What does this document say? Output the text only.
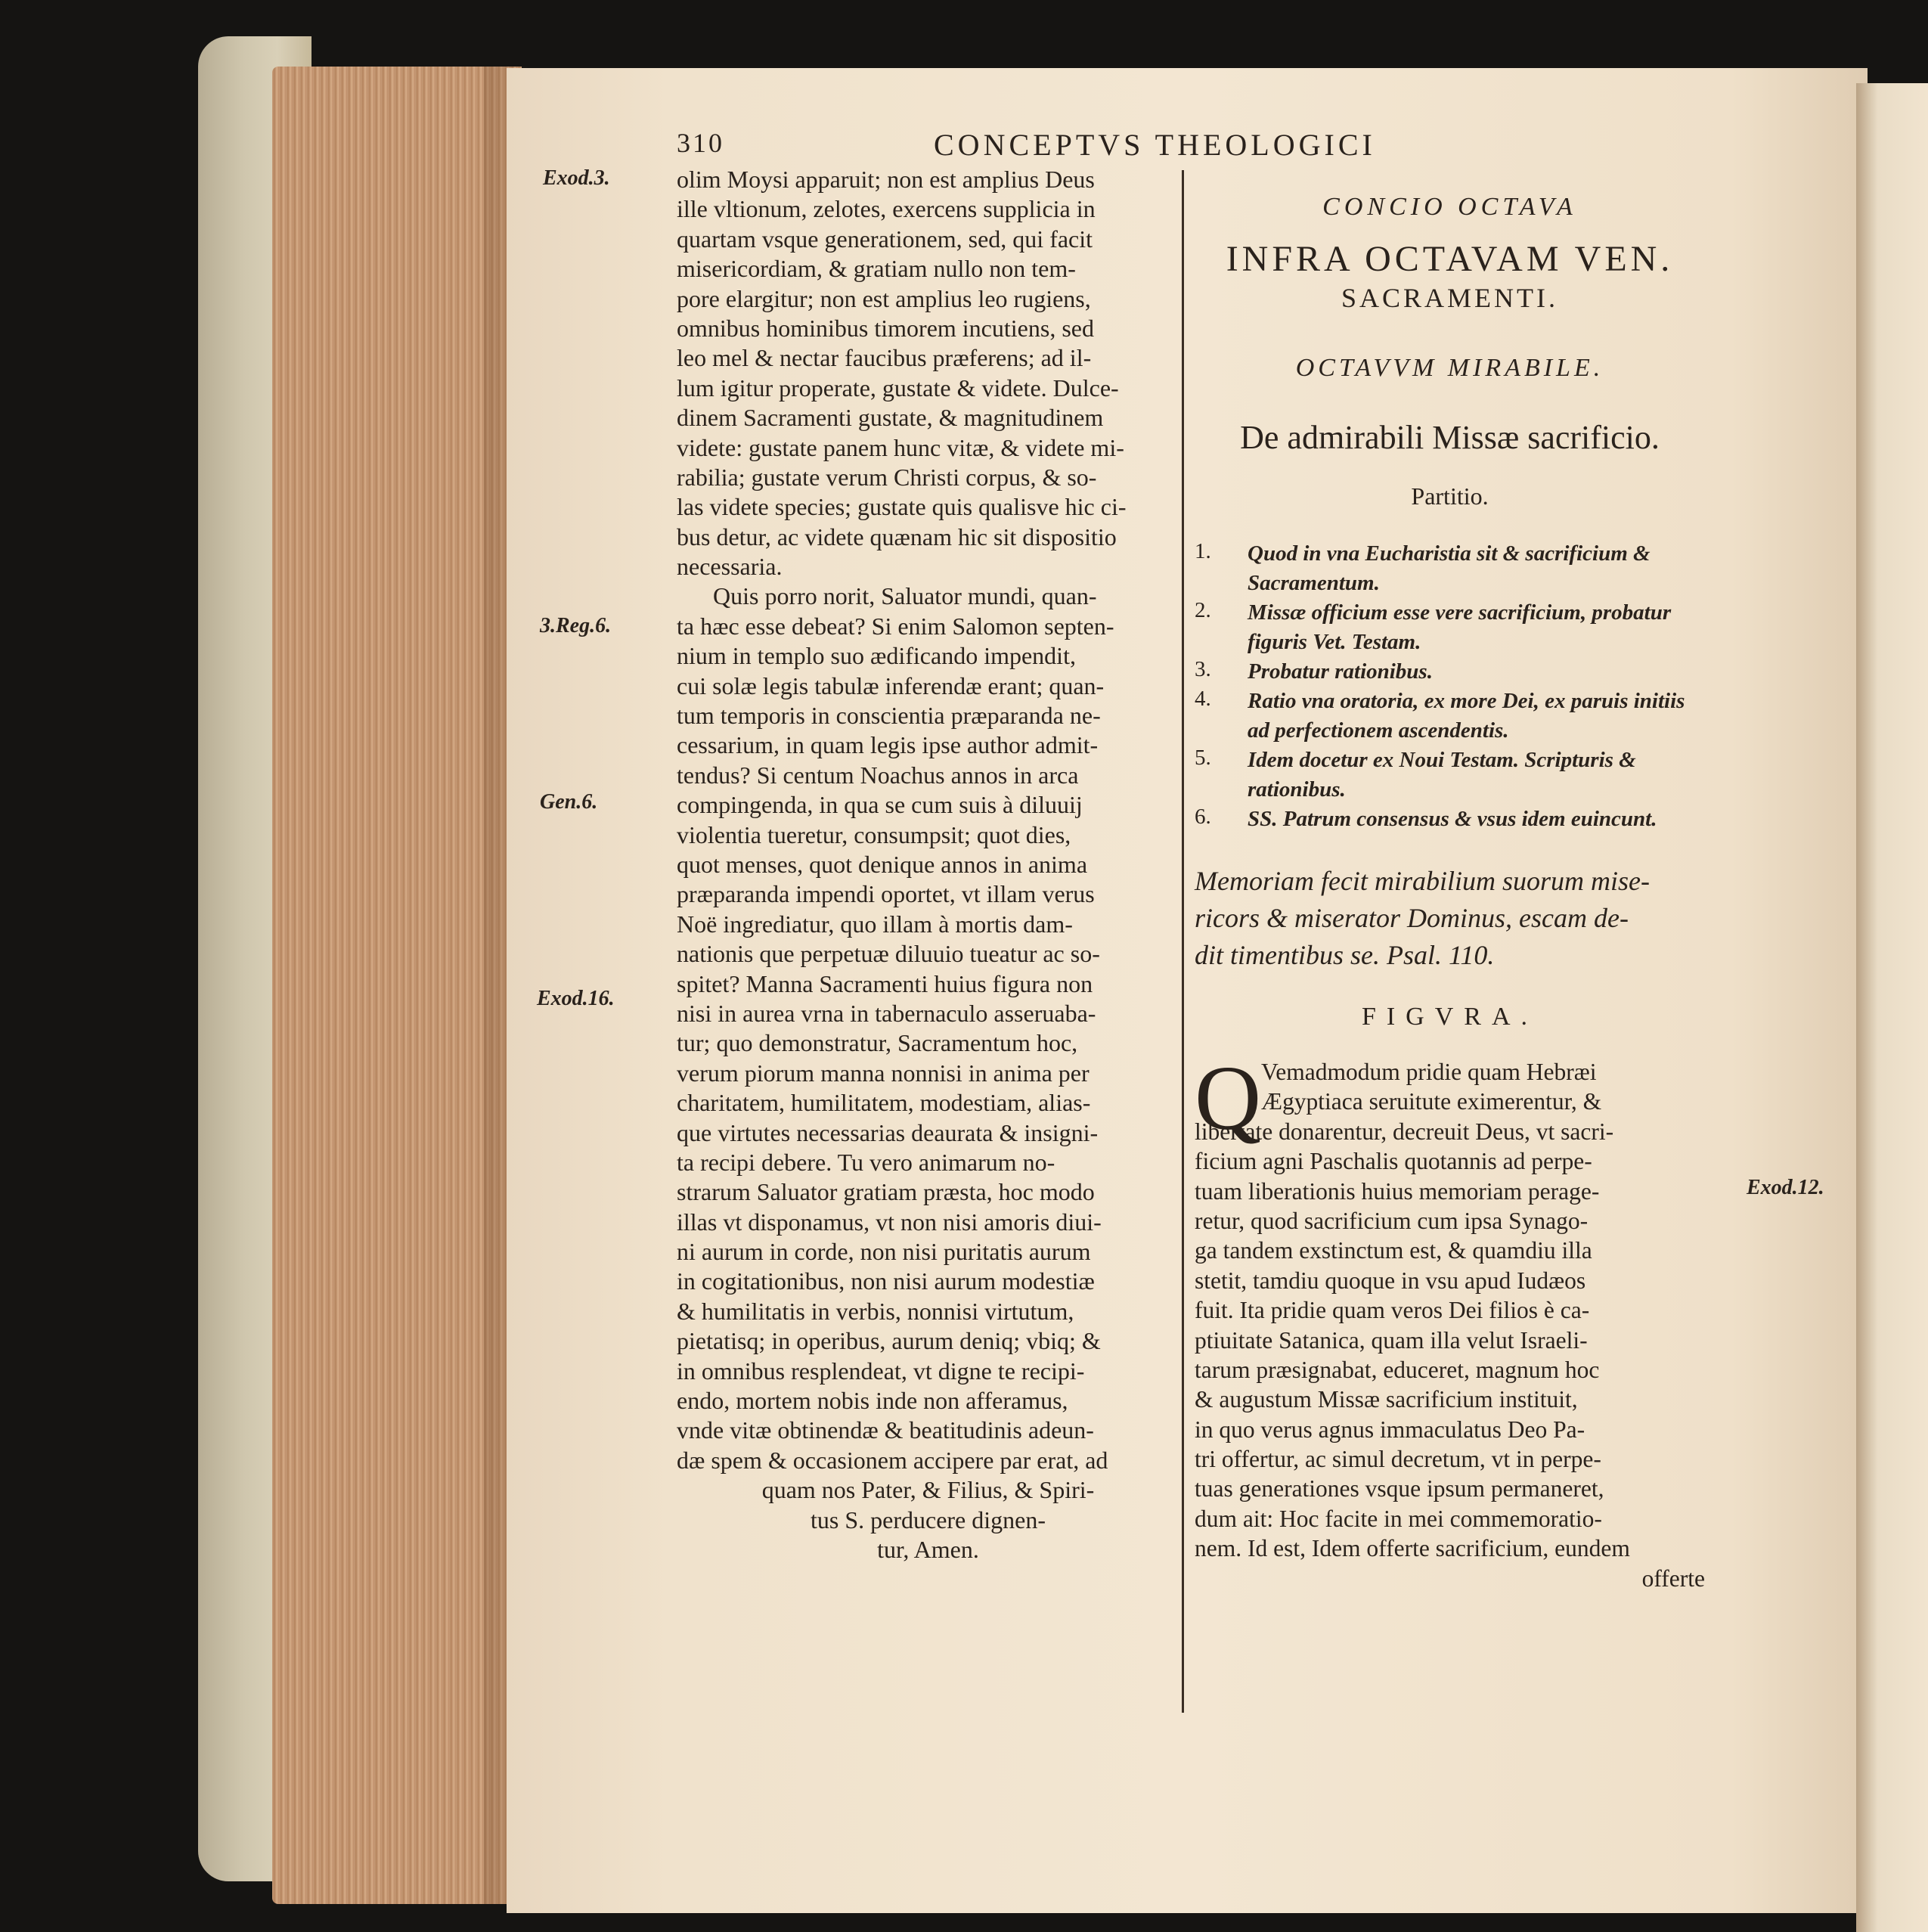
310	CONCEPTVS THEOLOGICI
Exod.3.
3.Reg.6.
Gen.6.
Exod.16.
olim Moysi apparuit; non est amplius Deus
ille vltionum, zelotes, exercens supplicia in
quartam vsque generationem, sed, qui facit
misericordiam, & gratiam nullo non tem-
pore elargitur; non est amplius leo rugiens,
omnibus hominibus timorem incutiens, sed
leo mel & nectar faucibus præferens; ad il-
lum igitur properate, gustate & videte. Dulce-
dinem Sacramenti gustate, & magnitudinem
videte: gustate panem hunc vitæ, & videte mi-
rabilia; gustate verum Christi corpus, & so-
las videte species; gustate quis qualisve hic ci-
bus detur, ac videte quænam hic sit dispositio
necessaria.
Quis porro norit, Saluator mundi, quan-
ta hæc esse debeat? Si enim Salomon septen-
nium in templo suo ædificando impendit,
cui solæ legis tabulæ inferendæ erant; quan-
tum temporis in conscientia præparanda ne-
cessarium, in quam legis ipse author admit-
tendus? Si centum Noachus annos in arca
compingenda, in qua se cum suis à diluuij
violentia tueretur, consumpsit; quot dies,
quot menses, quot denique annos in anima
præparanda impendi oportet, vt illam verus
Noë ingrediatur, quo illam à mortis dam-
nationis que perpetuæ diluuio tueatur ac so-
spitet? Manna Sacramenti huius figura non
nisi in aurea vrna in tabernaculo asseruaba-
tur; quo demonstratur, Sacramentum hoc,
verum piorum manna nonnisi in anima per
charitatem, humilitatem, modestiam, alias-
que virtutes necessarias deaurata & insigni-
ta recipi debere. Tu vero animarum no-
strarum Saluator gratiam præsta, hoc modo
illas vt disponamus, vt non nisi amoris diui-
ni aurum in corde, non nisi puritatis aurum
in cogitationibus, non nisi aurum modestiæ
& humilitatis in verbis, nonnisi virtutum,
pietatisq; in operibus, aurum deniq; vbiq; &
in omnibus resplendeat, vt digne te recipi-
endo, mortem nobis inde non afferamus,
vnde vitæ obtinendæ & beatitudinis adeun-
dæ spem & occasionem accipere par erat, ad
quam nos Pater, & Filius, & Spiri-
tus S. perducere dignen-
tur, Amen.
CONCIO OCTAVA
INFRA OCTAVAM VEN.
SACRAMENTI.
OCTAVVM MIRABILE.
De admirabili Missæ sacrificio.
Partitio.
1.	Quod in vna Eucharistia sit & sacrificium & Sacramentum.
2.	Missæ officium esse vere sacrificium, probatur figuris Vet. Testam.
3.	Probatur rationibus.
4.	Ratio vna oratoria, ex more Dei, ex paruis initiis ad perfectionem ascendentis.
5.	Idem docetur ex Noui Testam. Scripturis & rationibus.
6.	SS. Patrum consensus & vsus idem euincunt.
Memoriam fecit mirabilium suorum mise-
ricors & miserator Dominus, escam de-
dit timentibus se. Psal. 110.
FIGVRA.
Q Vemadmodum pridie quam Hebræi
Ægyptiaca seruitute eximerentur, &
libertate donarentur, decreuit Deus, vt sacri-
ficium agni Paschalis quotannis ad perpe-
tuam liberationis huius memoriam perage-
retur, quod sacrificium cum ipsa Synago-
ga tandem exstinctum est, & quamdiu illa
stetit, tamdiu quoque in vsu apud Iudæos
fuit. Ita pridie quam veros Dei filios è ca-
ptiuitate Satanica, quam illa velut Israeli-
tarum præsignabat, educeret, magnum hoc
& augustum Missæ sacrificium instituit,
in quo verus agnus immaculatus Deo Pa-
tri offertur, ac simul decretum, vt in perpe-
tuas generationes vsque ipsum permaneret,
dum ait: Hoc facite in mei commemoratio-
nem. Id est, Idem offerte sacrificium, eundem
offerte
Exod.12.
